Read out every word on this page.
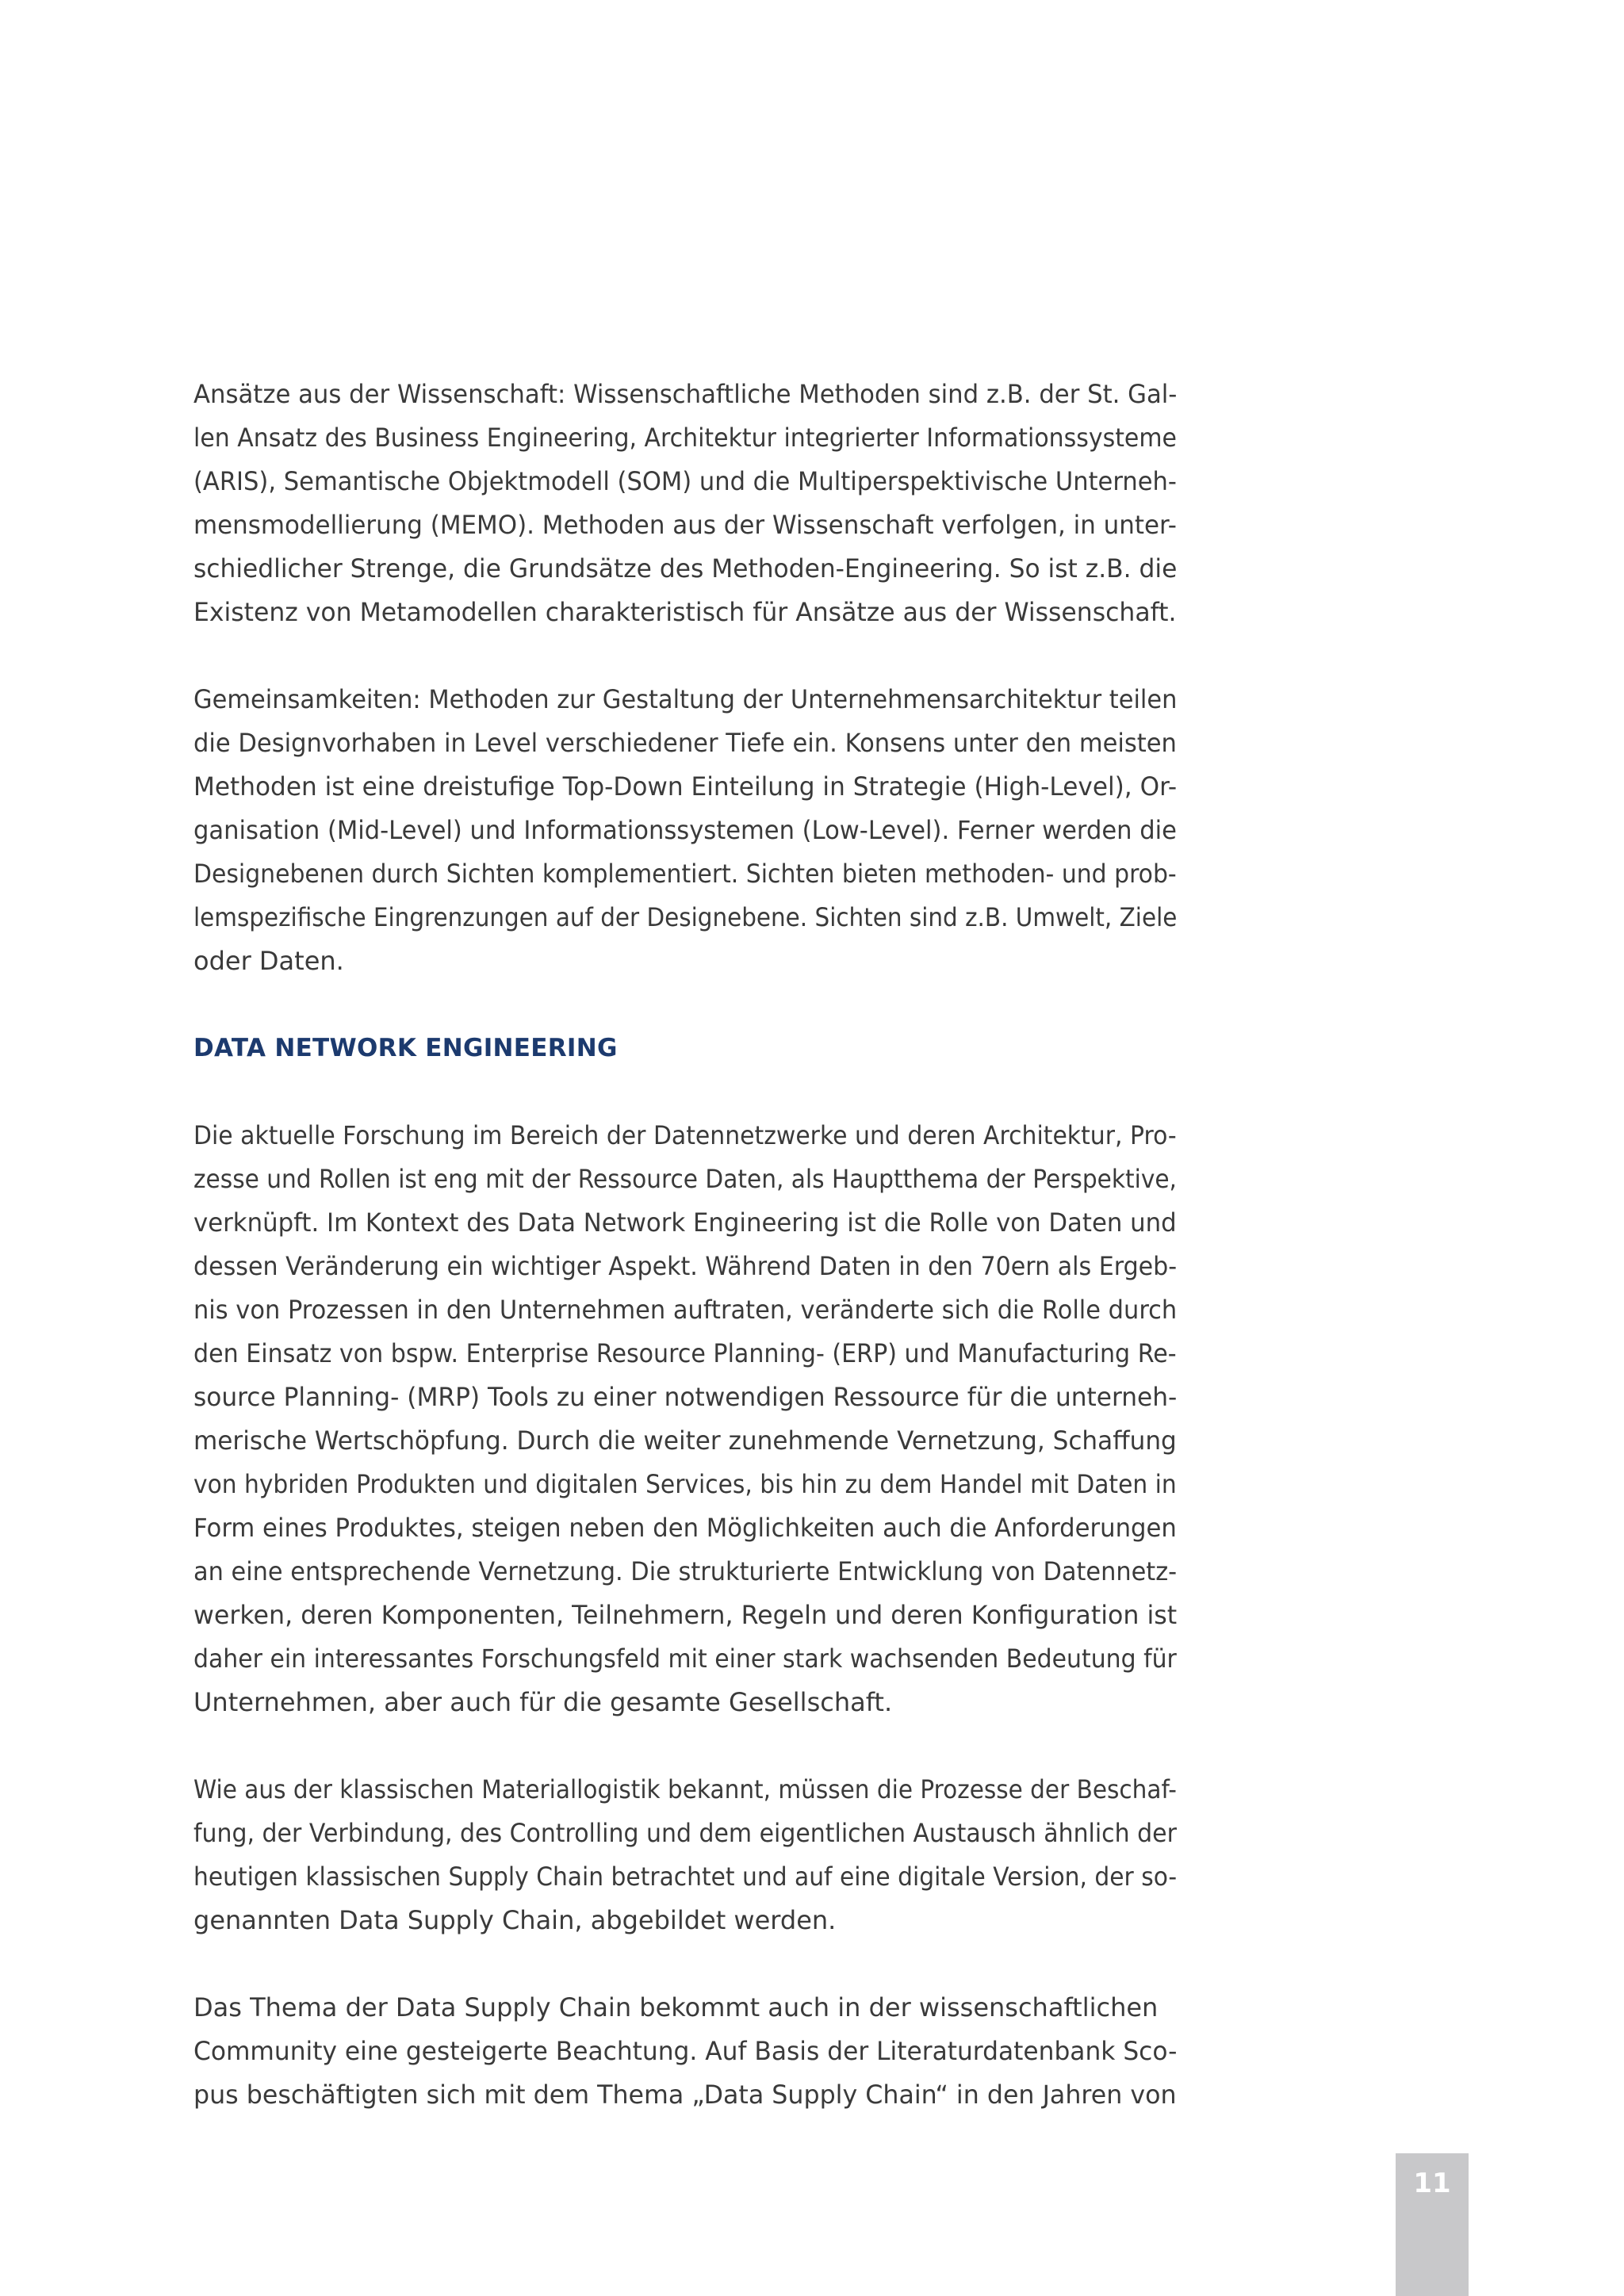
Ansätze aus der Wissenschaft: Wissenschaftliche Methoden sind z.B. der St. Gal-
len Ansatz des Business Engineering, Architektur integrierter Informationssysteme
(ARIS), Semantische Objektmodell (SOM) und die Multiperspektivische Unterneh-
mensmodellierung (MEMO). Methoden aus der Wissenschaft verfolgen, in unter-
schiedlicher Strenge, die Grundsätze des Methoden-Engineering. So ist z.B. die
Existenz von Metamodellen charakteristisch für Ansätze aus der Wissenschaft.

Gemeinsamkeiten: Methoden zur Gestaltung der Unternehmensarchitektur teilen
die Designvorhaben in Level verschiedener Tiefe ein. Konsens unter den meisten
Methoden ist eine dreistufige Top-Down Einteilung in Strategie (High-Level), Or-
ganisation (Mid-Level) und Informationssystemen (Low-Level). Ferner werden die
Designebenen durch Sichten komplementiert. Sichten bieten methoden- und prob-
lemspezifische Eingrenzungen auf der Designebene. Sichten sind z.B. Umwelt, Ziele
oder Daten.

DATA NETWORK ENGINEERING

Die aktuelle Forschung im Bereich der Datennetzwerke und deren Architektur, Pro-
zesse und Rollen ist eng mit der Ressource Daten, als Hauptthema der Perspektive,
verknüpft. Im Kontext des Data Network Engineering ist die Rolle von Daten und
dessen Veränderung ein wichtiger Aspekt. Während Daten in den 70ern als Ergeb-
nis von Prozessen in den Unternehmen auftraten, veränderte sich die Rolle durch
den Einsatz von bspw. Enterprise Resource Planning- (ERP) und Manufacturing Re-
source Planning- (MRP) Tools zu einer notwendigen Ressource für die unterneh-
merische Wertschöpfung. Durch die weiter zunehmende Vernetzung, Schaffung
von hybriden Produkten und digitalen Services, bis hin zu dem Handel mit Daten in
Form eines Produktes, steigen neben den Möglichkeiten auch die Anforderungen
an eine entsprechende Vernetzung. Die strukturierte Entwicklung von Datennetz-
werken, deren Komponenten, Teilnehmern, Regeln und deren Konfiguration ist
daher ein interessantes Forschungsfeld mit einer stark wachsenden Bedeutung für
Unternehmen, aber auch für die gesamte Gesellschaft.

Wie aus der klassischen Materiallogistik bekannt, müssen die Prozesse der Beschaf-
fung, der Verbindung, des Controlling und dem eigentlichen Austausch ähnlich der
heutigen klassischen Supply Chain betrachtet und auf eine digitale Version, der so-
genannten Data Supply Chain, abgebildet werden.

Das Thema der Data Supply Chain bekommt auch in der wissenschaftlichen
Community eine gesteigerte Beachtung. Auf Basis der Literaturdatenbank Sco-
pus beschäftigten sich mit dem Thema „Data Supply Chain“ in den Jahren von

11
